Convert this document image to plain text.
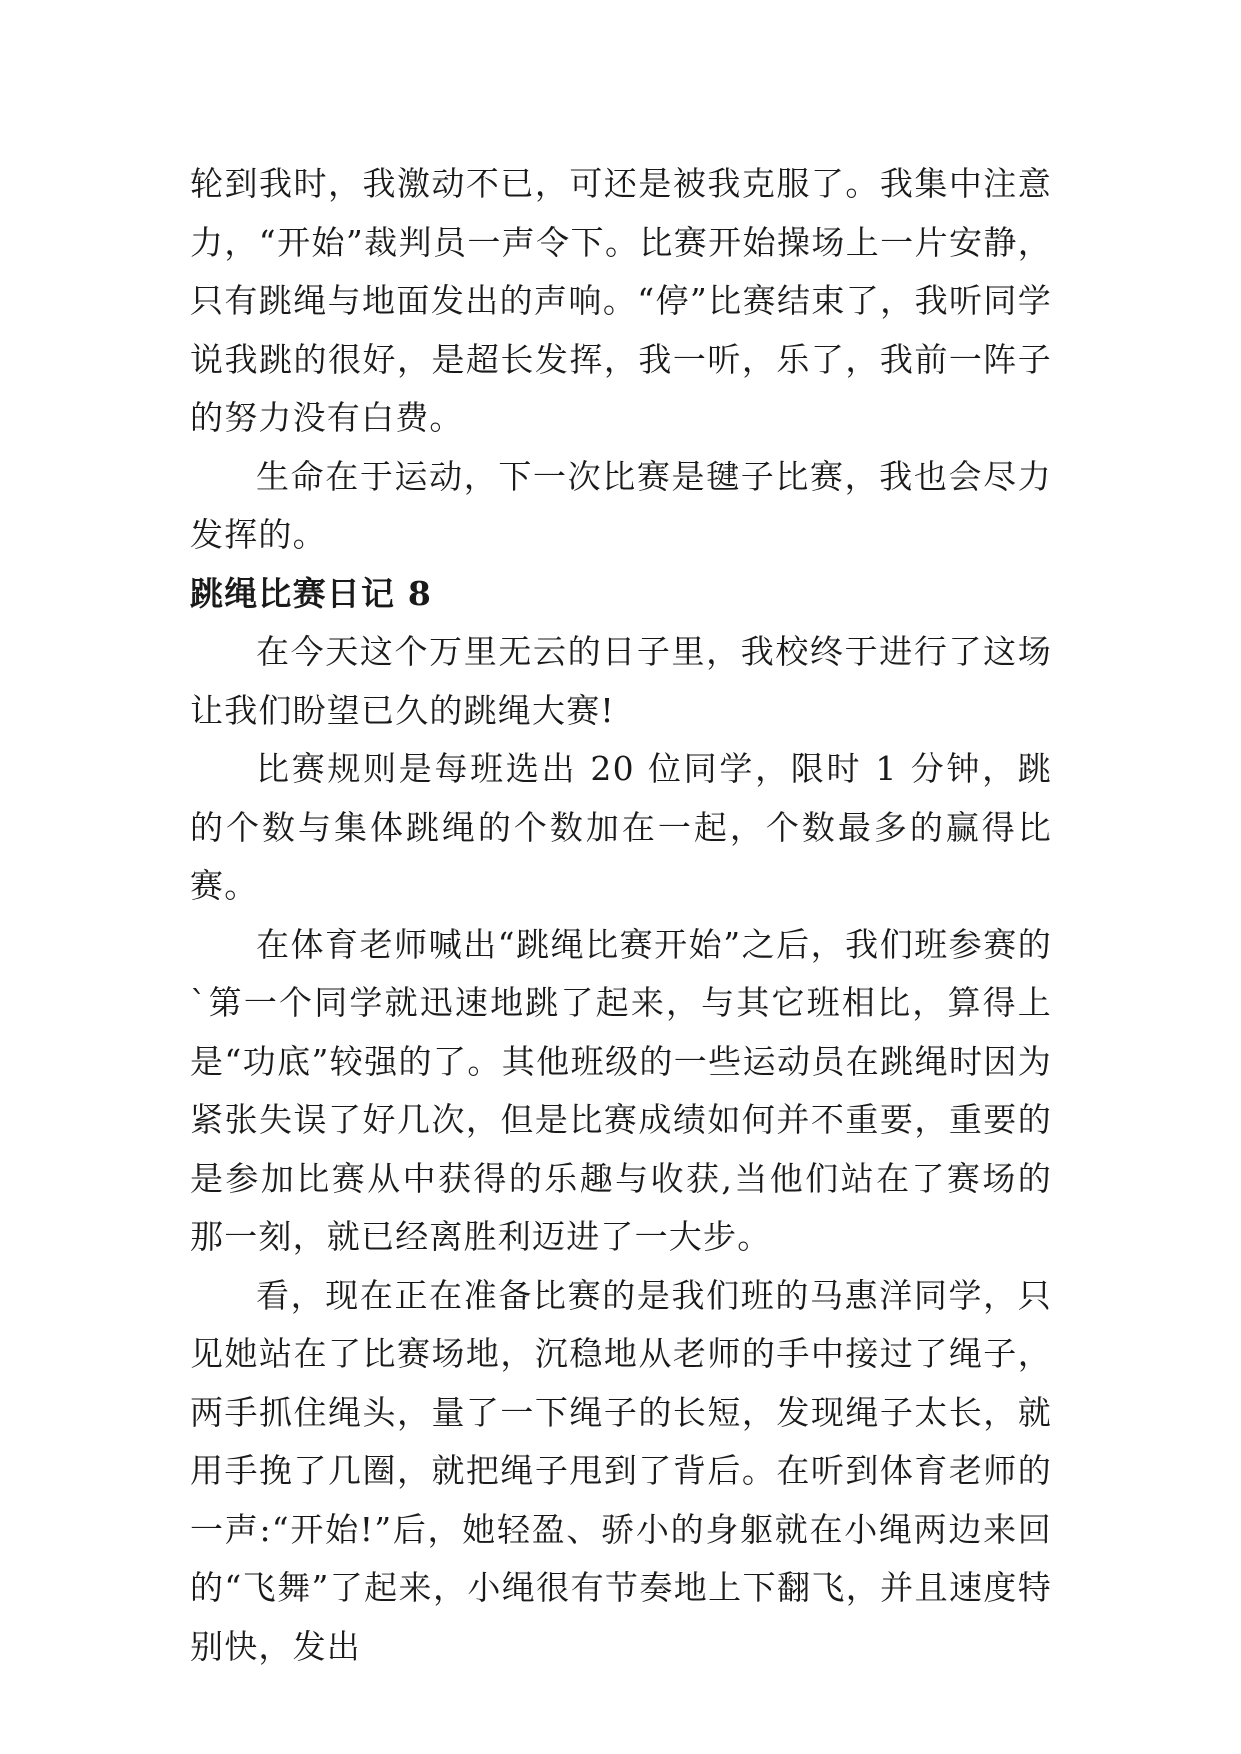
轮到我时，我激动不已，可还是被我克服了。我集中注意力，“开始”裁判员一声令下。比赛开始操场上一片安静，只有跳绳与地面发出的声响。“停”比赛结束了，我听同学说我跳的很好，是超长发挥，我一听，乐了，我前一阵子的努力没有白费。

生命在于运动，下一次比赛是毽子比赛，我也会尽力发挥的。

跳绳比赛日记 8

在今天这个万里无云的日子里，我校终于进行了这场让我们盼望已久的跳绳大赛!

比赛规则是每班选出 20 位同学，限时 1 分钟，跳的个数与集体跳绳的个数加在一起，个数最多的赢得比赛。

在体育老师喊出“跳绳比赛开始”之后，我们班参赛的`第一个同学就迅速地跳了起来，与其它班相比，算得上是“功底”较强的了。其他班级的一些运动员在跳绳时因为紧张失误了好几次，但是比赛成绩如何并不重要，重要的是参加比赛从中获得的乐趣与收获,当他们站在了赛场的那一刻，就已经离胜利迈进了一大步。

看，现在正在准备比赛的是我们班的马惠洋同学，只见她站在了比赛场地，沉稳地从老师的手中接过了绳子，两手抓住绳头，量了一下绳子的长短，发现绳子太长，就用手挽了几圈，就把绳子甩到了背后。在听到体育老师的一声:“开始!”后，她轻盈、骄小的身躯就在小绳两边来回的“飞舞”了起来，小绳很有节奏地上下翻飞，并且速度特别快，发出
